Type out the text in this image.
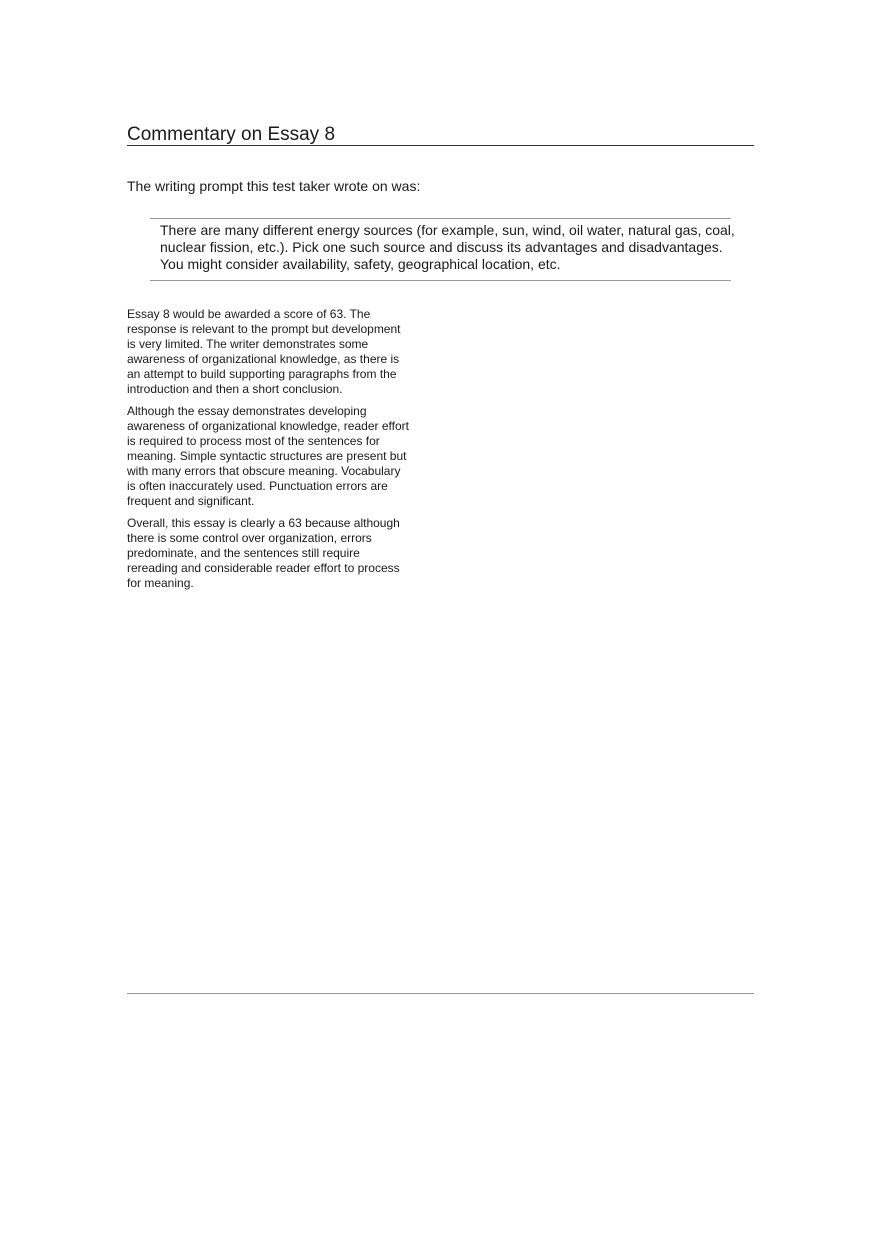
Commentary on Essay 8

The writing prompt this test taker wrote on was:

There are many different energy sources (for example, sun, wind, oil water, natural gas, coal,
nuclear fission, etc.). Pick one such source and discuss its advantages and disadvantages.
You might consider availability, safety, geographical location, etc.

Essay 8 would be awarded a score of 63. The
response is relevant to the prompt but development
is very limited. The writer demonstrates some
awareness of organizational knowledge, as there is
an attempt to build supporting paragraphs from the
introduction and then a short conclusion.

Although the essay demonstrates developing
awareness of organizational knowledge, reader effort
is required to process most of the sentences for
meaning. Simple syntactic structures are present but
with many errors that obscure meaning. Vocabulary
is often inaccurately used. Punctuation errors are
frequent and significant.

Overall, this essay is clearly a 63 because although
there is some control over organization, errors
predominate, and the sentences still require
rereading and considerable reader effort to process
for meaning.
